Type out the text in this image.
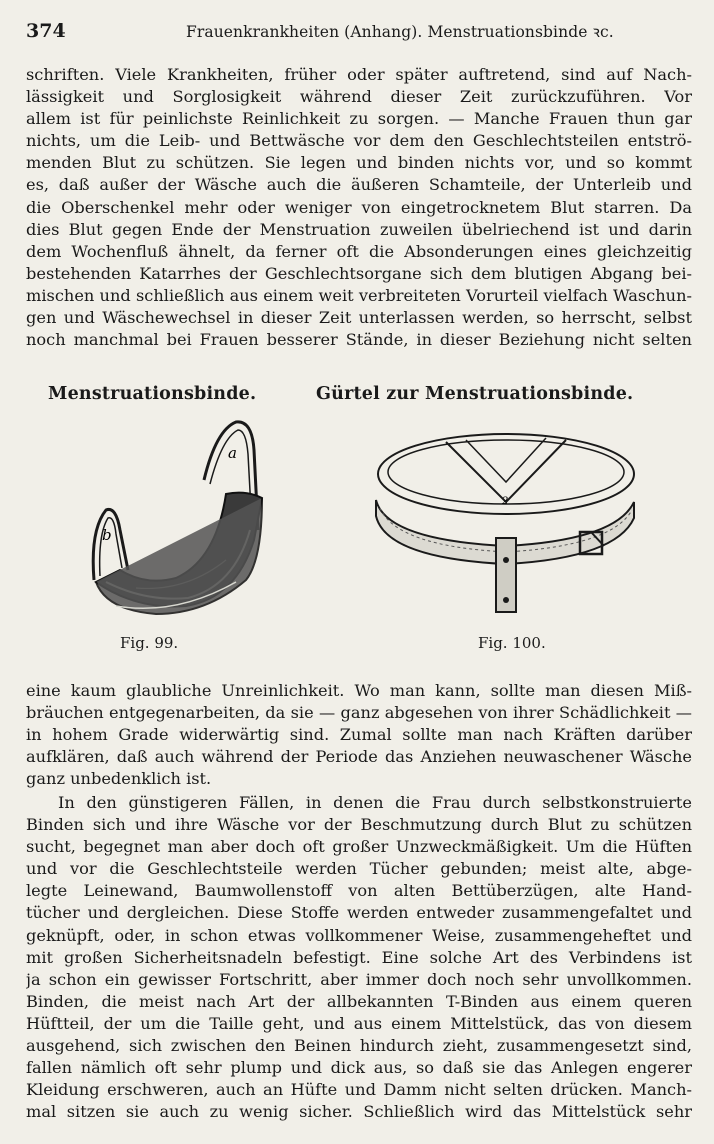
374	Frauenkrankheiten (Anhang). Menstruationsbinde ꝛc.
schriften. Viele Krankheiten, früher oder später auftretend, sind auf Nach-
lässigkeit und Sorglosigkeit während dieser Zeit zurückzuführen. Vor
allem ist für peinlichste Reinlichkeit zu sorgen. — Manche Frauen thun gar
nichts, um die Leib- und Bettwäsche vor dem den Geschlechtsteilen entströ-
menden Blut zu schützen. Sie legen und binden nichts vor, und so kommt
es, daß außer der Wäsche auch die äußeren Schamteile, der Unterleib und
die Oberschenkel mehr oder weniger von eingetrocknetem Blut starren. Da
dies Blut gegen Ende der Menstruation zuweilen übelriechend ist und darin
dem Wochenfluß ähnelt, da ferner oft die Absonderungen eines gleichzeitig
bestehenden Katarrhes der Geschlechtsorgane sich dem blutigen Abgang bei-
mischen und schließlich aus einem weit verbreiteten Vorurteil vielfach Waschun-
gen und Wäschewechsel in dieser Zeit unterlassen werden, so herrscht, selbst
noch manchmal bei Frauen besserer Stände, in dieser Beziehung nicht selten
Menstruationsbinde.	Gürtel zur Menstruationsbinde.
a
b
2
Fig. 99.	Fig. 100.
eine kaum glaubliche Unreinlichkeit. Wo man kann, sollte man diesen Miß-
bräuchen entgegenarbeiten, da sie — ganz abgesehen von ihrer Schädlichkeit —
in hohem Grade widerwärtig sind. Zumal sollte man nach Kräften darüber
aufklären, daß auch während der Periode das Anziehen neuwaschener Wäsche
ganz unbedenklich ist.
In den günstigeren Fällen, in denen die Frau durch selbstkonstruierte
Binden sich und ihre Wäsche vor der Beschmutzung durch Blut zu schützen
sucht, begegnet man aber doch oft großer Unzweckmäßigkeit. Um die Hüften
und vor die Geschlechtsteile werden Tücher gebunden; meist alte, abge-
legte Leinewand, Baumwollenstoff von alten Bettüberzügen, alte Hand-
tücher und dergleichen. Diese Stoffe werden entweder zusammengefaltet und
geknüpft, oder, in schon etwas vollkommener Weise, zusammengeheftet und
mit großen Sicherheitsnadeln befestigt. Eine solche Art des Verbindens ist
ja schon ein gewisser Fortschritt, aber immer doch noch sehr unvollkommen.
Binden, die meist nach Art der allbekannten T-Binden aus einem queren
Hüftteil, der um die Taille geht, und aus einem Mittelstück, das von diesem
ausgehend, sich zwischen den Beinen hindurch zieht, zusammengesetzt sind,
fallen nämlich oft sehr plump und dick aus, so daß sie das Anlegen engerer
Kleidung erschweren, auch an Hüfte und Damm nicht selten drücken. Manch-
mal sitzen sie auch zu wenig sicher. Schließlich wird das Mittelstück sehr
